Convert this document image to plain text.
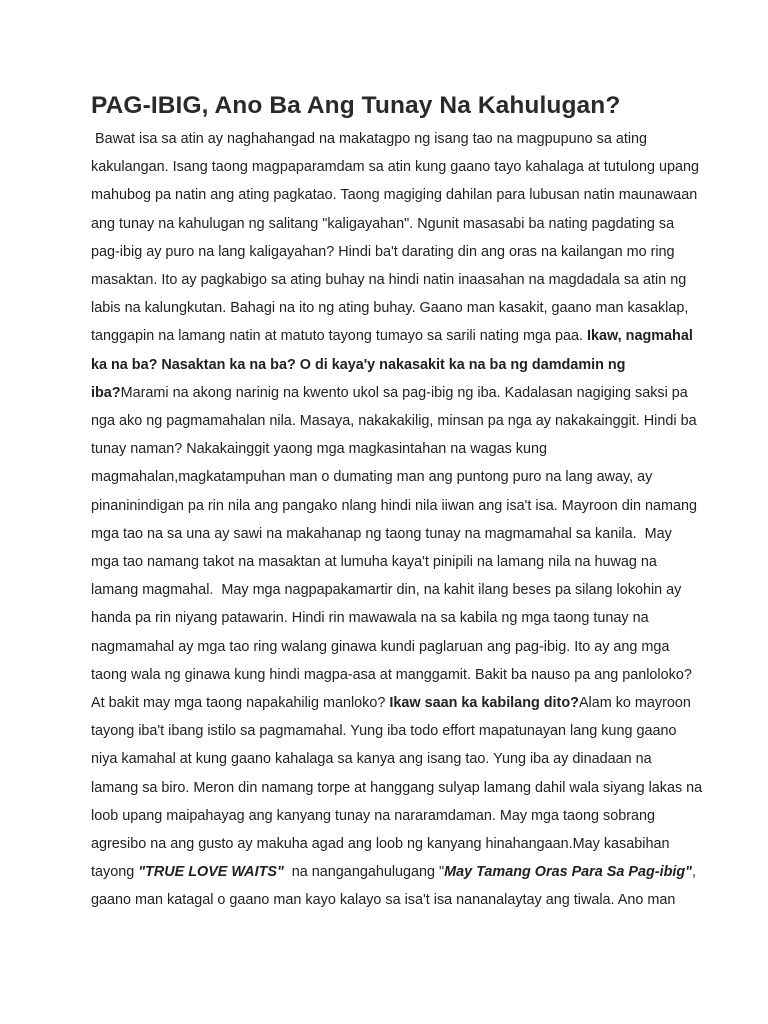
PAG-IBIG, Ano Ba Ang Tunay Na Kahulugan?
Bawat isa sa atin ay naghahangad na makatagpo ng isang tao na magpupuno sa ating
kakulangan. Isang taong magpaparamdam sa atin kung gaano tayo kahalaga at tutulong upang
mahubog pa natin ang ating pagkatao. Taong magiging dahilan para lubusan natin maunawaan
ang tunay na kahulugan ng salitang "kaligayahan". Ngunit masasabi ba nating pagdating sa
pag-ibig ay puro na lang kaligayahan? Hindi ba't darating din ang oras na kailangan mo ring
masaktan. Ito ay pagkabigo sa ating buhay na hindi natin inaasahan na magdadala sa atin ng
labis na kalungkutan. Bahagi na ito ng ating buhay. Gaano man kasakit, gaano man kasaklap,
tanggapin na lamang natin at matuto tayong tumayo sa sarili nating mga paa. Ikaw, nagmahal
ka na ba? Nasaktan ka na ba? O di kaya'y nakasakit ka na ba ng damdamin ng
iba?Marami na akong narinig na kwento ukol sa pag-ibig ng iba. Kadalasan nagiging saksi pa
nga ako ng pagmamahalan nila. Masaya, nakakakilig, minsan pa nga ay nakakainggit. Hindi ba
tunay naman? Nakakainggit yaong mga magkasintahan na wagas kung
magmahalan,magkatampuhan man o dumating man ang puntong puro na lang away, ay
pinaninindigan pa rin nila ang pangako nlang hindi nila iiwan ang isa't isa. Mayroon din namang
mga tao na sa una ay sawi na makahanap ng taong tunay na magmamahal sa kanila.  May
mga tao namang takot na masaktan at lumuha kaya't pinipili na lamang nila na huwag na
lamang magmahal.  May mga nagpapakamartir din, na kahit ilang beses pa silang lokohin ay
handa pa rin niyang patawarin. Hindi rin mawawala na sa kabila ng mga taong tunay na
nagmamahal ay mga tao ring walang ginawa kundi paglaruan ang pag-ibig. Ito ay ang mga
taong wala ng ginawa kung hindi magpa-asa at manggamit. Bakit ba nauso pa ang panloloko?
At bakit may mga taong napakahilig manloko? Ikaw saan ka kabilang dito?Alam ko mayroon
tayong iba't ibang istilo sa pagmamahal. Yung iba todo effort mapatunayan lang kung gaano
niya kamahal at kung gaano kahalaga sa kanya ang isang tao. Yung iba ay dinadaan na
lamang sa biro. Meron din namang torpe at hanggang sulyap lamang dahil wala siyang lakas na
loob upang maipahayag ang kanyang tunay na nararamdaman. May mga taong sobrang
agresibo na ang gusto ay makuha agad ang loob ng kanyang hinahangaan.May kasabihan
tayong "TRUE LOVE WAITS"  na nangangahulugang "May Tamang Oras Para Sa Pag-ibig",
gaano man katagal o gaano man kayo kalayo sa isa't isa nananalaytay ang tiwala. Ano man
